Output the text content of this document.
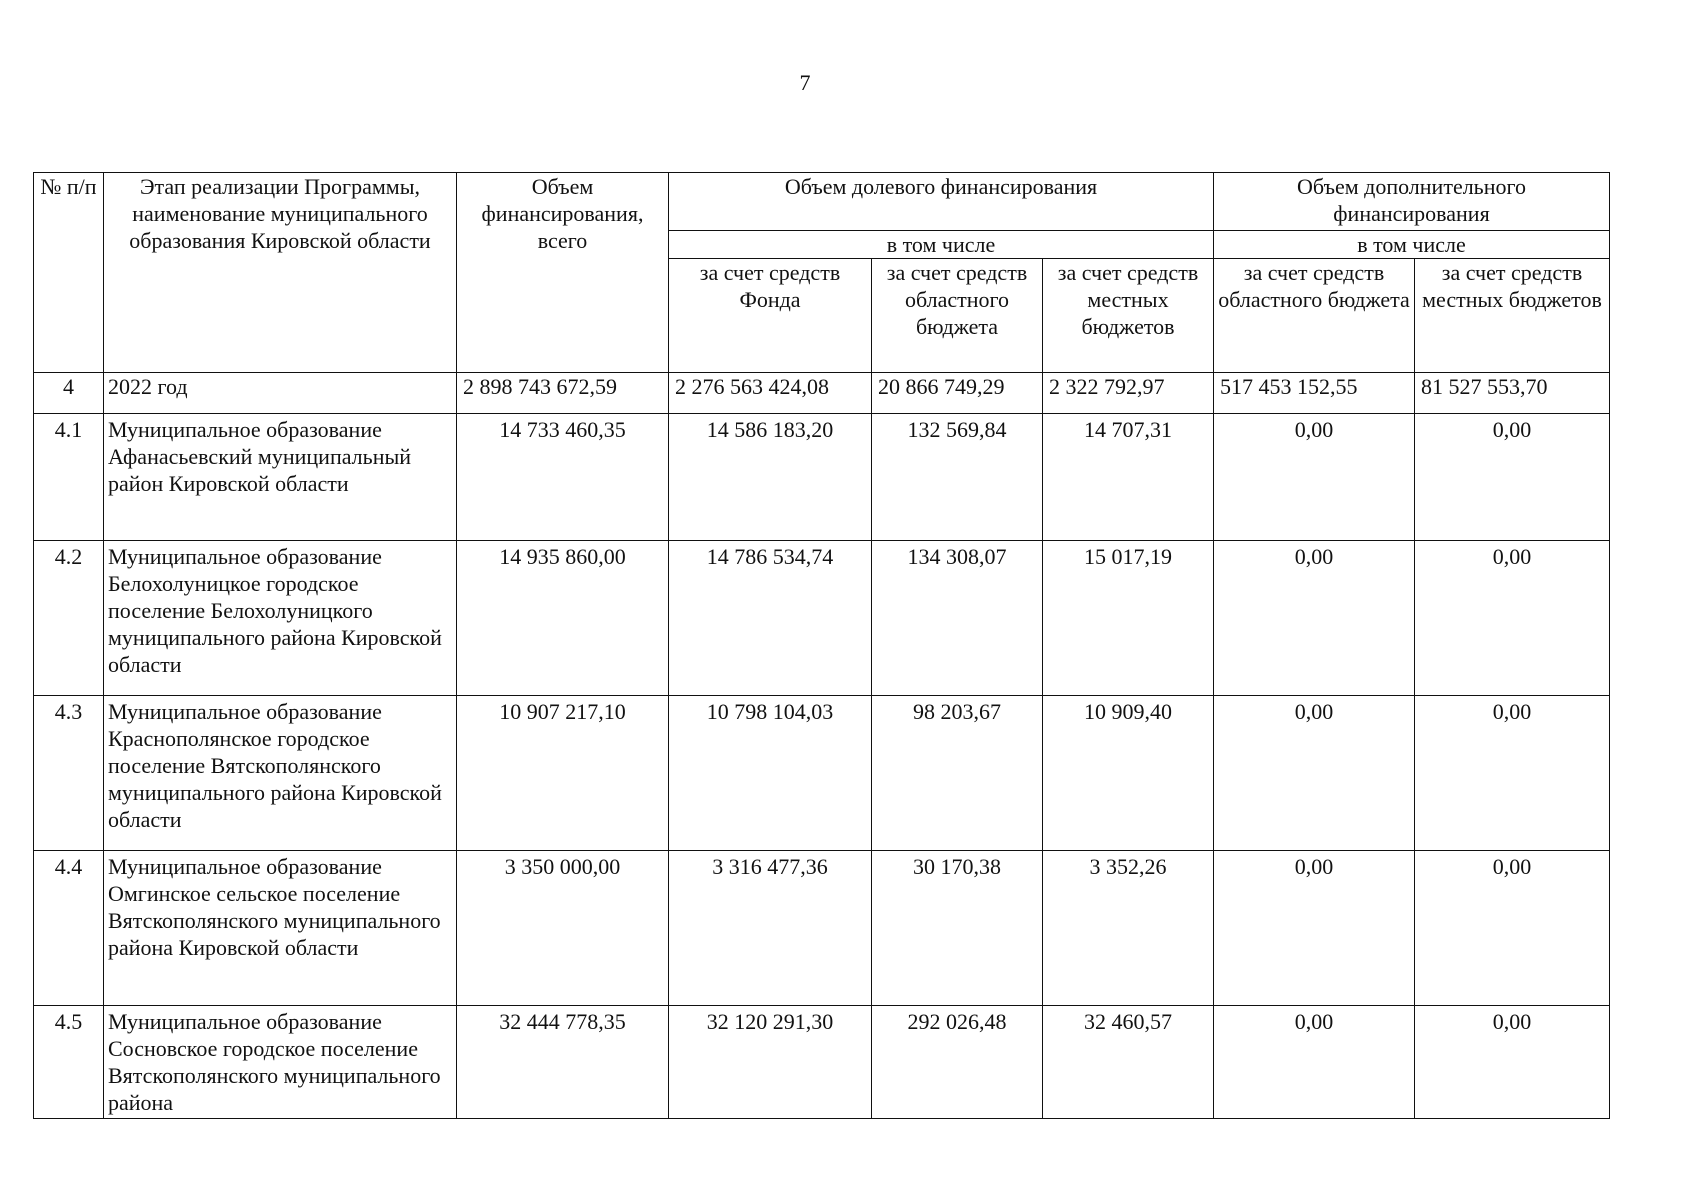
7
№ п/п	Этап реализации Программы, наименование муниципального образования Кировской области	Объем финансирования, всего	Объем долевого финансирования			Объем дополнительного финансирования	
			в том числе			в том числе	
			за счет средств Фонда	за счет средств областного бюджета	за счет средств местных бюджетов	за счет средств областного бюджета	за счет средств местных бюджетов
4	2022 год	2 898 743 672,59	2 276 563 424,08	20 866 749,29	2 322 792,97	517 453 152,55	81 527 553,70
4.1	Муниципальное образование Афанасьевский муниципальный район Кировской области	14 733 460,35	14 586 183,20	132 569,84	14 707,31	0,00	0,00
4.2	Муниципальное образование Белохолуницкое городское поселение Белохолуницкого муниципального района Кировской области	14 935 860,00	14 786 534,74	134 308,07	15 017,19	0,00	0,00
4.3	Муниципальное образование Краснополянское городское поселение Вятскополянского муниципального района Кировской области	10 907 217,10	10 798 104,03	98 203,67	10 909,40	0,00	0,00
4.4	Муниципальное образование Омгинское сельское поселение Вятскополянского муниципального района Кировской области	3 350 000,00	3 316 477,36	30 170,38	3 352,26	0,00	0,00
4.5	Муниципальное образование Сосновское городское поселение Вятскополянского муниципального района	32 444 778,35	32 120 291,30	292 026,48	32 460,57	0,00	0,00
